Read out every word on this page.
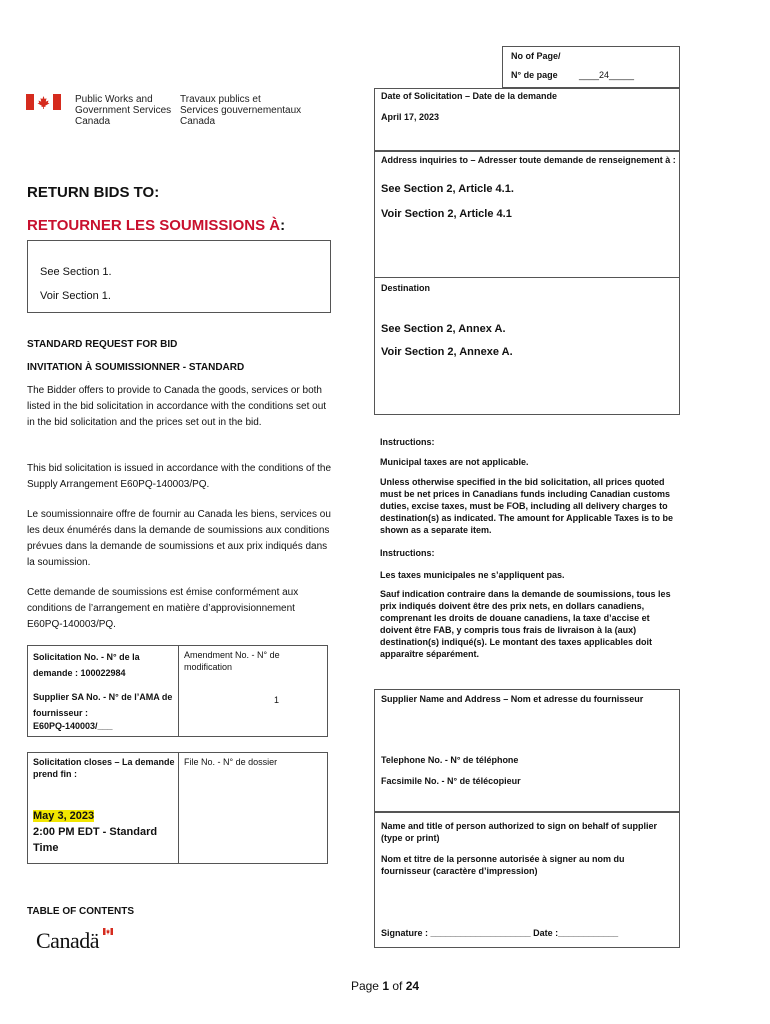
Public Works and
Government Services
Canada
Travaux publics et
Services gouvernementaux
Canada
No of Page/
N° de page ____24_____
Date of Solicitation – Date de la demande
April 17, 2023
Address inquiries to – Adresser toute demande de renseignement à :
See Section 2, Article 4.1.
Voir Section 2, Article 4.1
Destination
See Section 2, Annex A.
Voir Section 2, Annexe A.
RETURN BIDS TO:
RETOURNER LES SOUMISSIONS À:
See Section 1.
Voir Section 1.
STANDARD REQUEST FOR BID
INVITATION À SOUMISSIONNER - STANDARD
The Bidder offers to provide to Canada the goods, services or both listed in the bid solicitation in accordance with the conditions set out in the bid solicitation and the prices set out in the bid.
This bid solicitation is issued in accordance with the conditions of the Supply Arrangement E60PQ-140003/PQ.
Le soumissionnaire offre de fournir au Canada les biens, services ou les deux énumérés dans la demande de soumissions aux conditions prévues dans la demande de soumissions et aux prix indiqués dans la soumission.
Cette demande de soumissions est émise conformément aux conditions de l’arrangement en matière d’approvisionnement E60PQ-140003/PQ.
Solicitation No. - N° de la demande : 100022984
Amendment No. - N° de modification
Supplier SA No. - N° de l’AMA de fournisseur :
E60PQ-140003/___
1
Solicitation closes – La demande prend fin :
File No. - N° de dossier
May 3, 2023
2:00 PM EDT - Standard
Time
Instructions:
Municipal taxes are not applicable.
Unless otherwise specified in the bid solicitation, all prices quoted must be net prices in Canadians funds including Canadian customs duties, excise taxes, must be FOB, including all delivery charges to destination(s) as indicated. The amount for Applicable Taxes is to be shown as a separate item.
Instructions:
Les taxes municipales ne s’appliquent pas.
Sauf indication contraire dans la demande de soumissions, tous les prix indiqués doivent être des prix nets, en dollars canadiens, comprenant les droits de douane canadiens, la taxe d’accise et doivent être FAB, y compris tous frais de livraison à la (aux) destination(s) indiqué(s). Le montant des taxes applicables doit apparaître séparément.
Supplier Name and Address – Nom et adresse du fournisseur
Telephone No. - N° de téléphone
Facsimile No. - N° de télécopieur
Name and title of person authorized to sign on behalf of supplier (type or print)
Nom et titre de la personne autorisée à signer au nom du fournisseur (caractère d’impression)
Signature : ____________________ Date :____________
TABLE OF CONTENTS
Canadä
Page 1 of 24
